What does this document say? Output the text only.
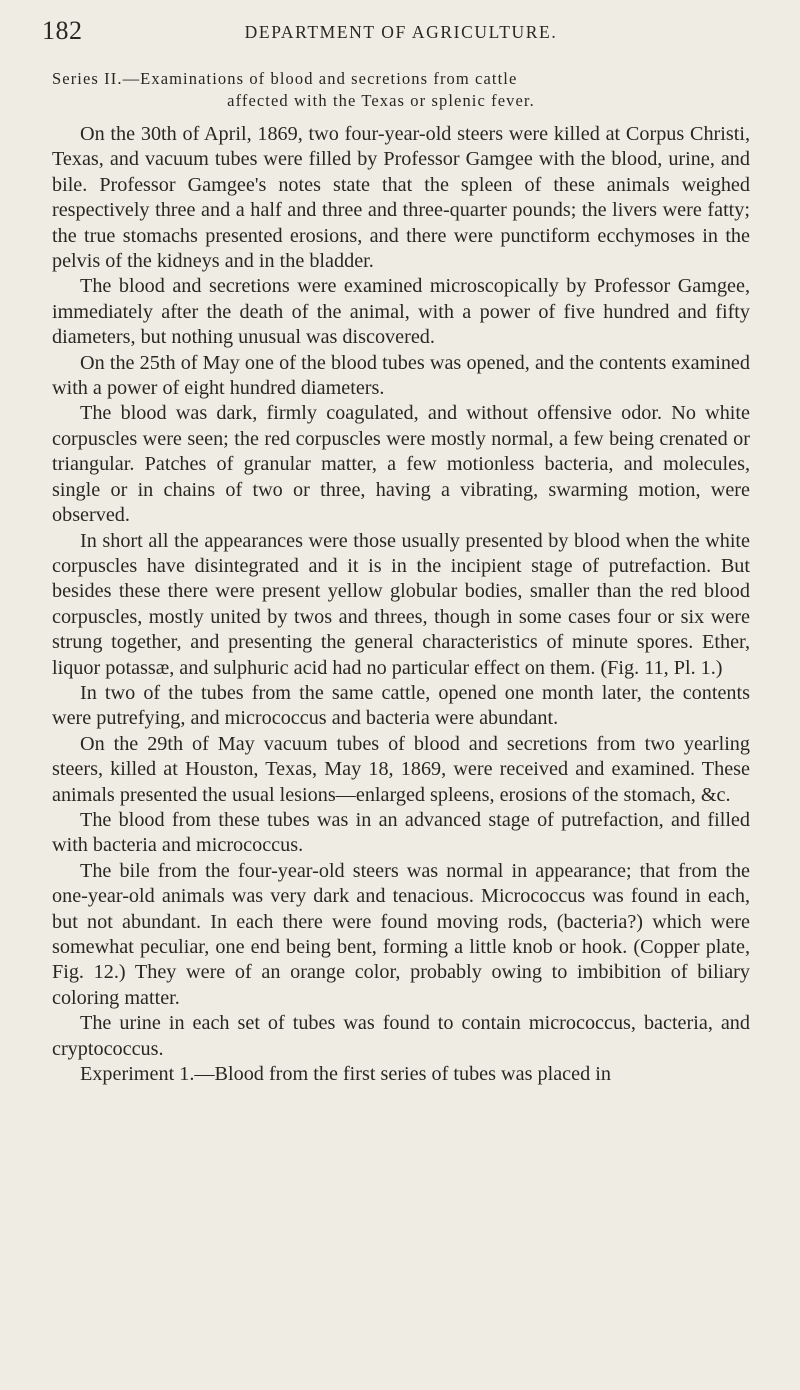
182	DEPARTMENT OF AGRICULTURE.
Series II.—Examinations of blood and secretions from cattle
affected with the Texas or splenic fever.

On the 30th of April, 1869, two four-year-old steers were killed at Corpus Christi, Texas, and vacuum tubes were filled by Professor Gamgee with the blood, urine, and bile. Professor Gamgee's notes state that the spleen of these animals weighed respectively three and a half and three and three-quarter pounds; the livers were fatty; the true stomachs presented erosions, and there were punctiform ecchymoses in the pelvis of the kidneys and in the bladder.

The blood and secretions were examined microscopically by Professor Gamgee, immediately after the death of the animal, with a power of five hundred and fifty diameters, but nothing unusual was discovered.

On the 25th of May one of the blood tubes was opened, and the contents examined with a power of eight hundred diameters.

The blood was dark, firmly coagulated, and without offensive odor. No white corpuscles were seen; the red corpuscles were mostly normal, a few being crenated or triangular. Patches of granular matter, a few motionless bacteria, and molecules, single or in chains of two or three, having a vibrating, swarming motion, were observed.

In short all the appearances were those usually presented by blood when the white corpuscles have disintegrated and it is in the incipient stage of putrefaction. But besides these there were present yellow globular bodies, smaller than the red blood corpuscles, mostly united by twos and threes, though in some cases four or six were strung together, and presenting the general characteristics of minute spores. Ether, liquor potassæ, and sulphuric acid had no particular effect on them. (Fig. 11, Pl. 1.)

In two of the tubes from the same cattle, opened one month later, the contents were putrefying, and micrococcus and bacteria were abundant.

On the 29th of May vacuum tubes of blood and secretions from two yearling steers, killed at Houston, Texas, May 18, 1869, were received and examined. These animals presented the usual lesions—enlarged spleens, erosions of the stomach, &c.

The blood from these tubes was in an advanced stage of putrefaction, and filled with bacteria and micrococcus.

The bile from the four-year-old steers was normal in appearance; that from the one-year-old animals was very dark and tenacious. Micrococcus was found in each, but not abundant. In each there were found moving rods, (bacteria?) which were somewhat peculiar, one end being bent, forming a little knob or hook. (Copper plate, Fig. 12.) They were of an orange color, probably owing to imbibition of biliary coloring matter.

The urine in each set of tubes was found to contain micrococcus, bacteria, and cryptococcus.

Experiment 1.—Blood from the first series of tubes was placed in
